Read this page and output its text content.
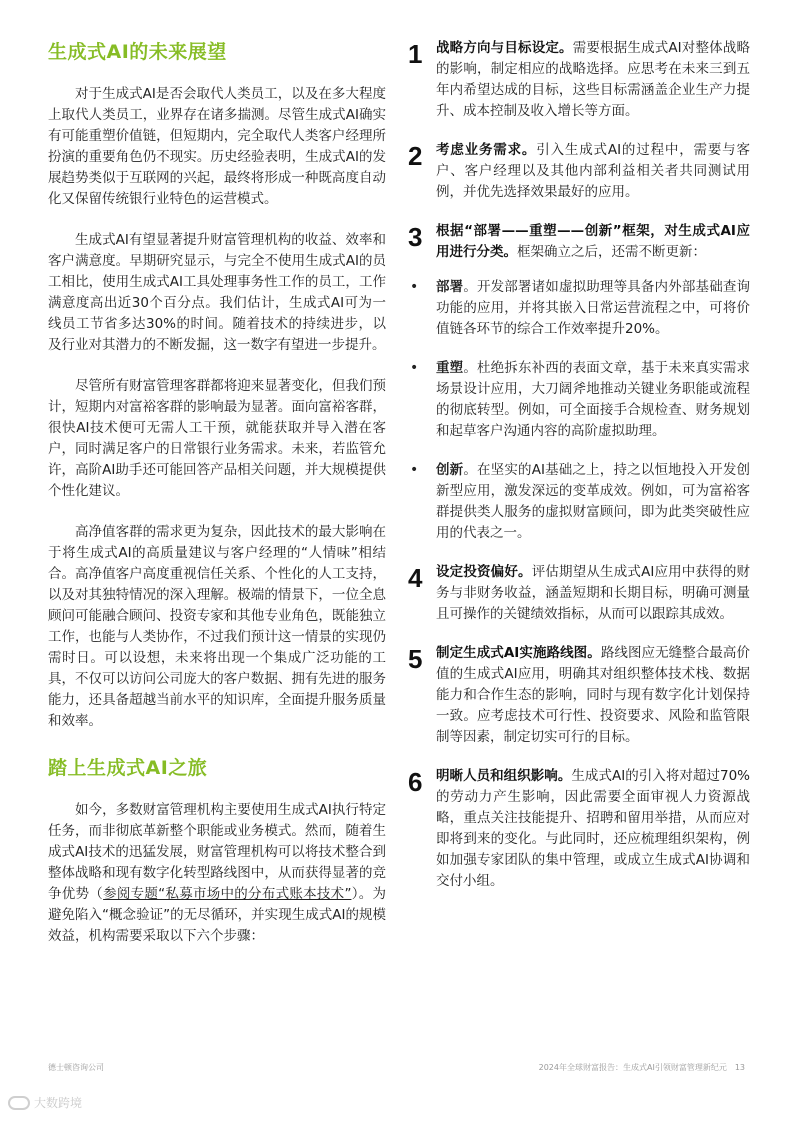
生成式AI的未来展望

对于生成式AI是否会取代人类员工，以及在多大程度上取代人类员工，业界存在诸多揣测。尽管生成式AI确实有可能重塑价值链，但短期内，完全取代人类客户经理所扮演的重要角色仍不现实。历史经验表明，生成式AI的发展趋势类似于互联网的兴起，最终将形成一种既高度自动化又保留传统银行业特色的运营模式。

生成式AI有望显著提升财富管理机构的收益、效率和客户满意度。早期研究显示，与完全不使用生成式AI的员工相比，使用生成式AI工具处理事务性工作的员工，工作满意度高出近30个百分点。我们估计，生成式AI可为一线员工节省多达30%的时间。随着技术的持续进步，以及行业对其潜力的不断发掘，这一数字有望进一步提升。

尽管所有财富管理客群都将迎来显著变化，但我们预计，短期内对富裕客群的影响最为显著。面向富裕客群，很快AI技术便可无需人工干预，就能获取并导入潜在客户，同时满足客户的日常银行业务需求。未来，若监管允许，高阶AI助手还可能回答产品相关问题，并大规模提供个性化建议。

高净值客群的需求更为复杂，因此技术的最大影响在于将生成式AI的高质量建议与客户经理的“人情味”相结合。高净值客户高度重视信任关系、个性化的人工支持，以及对其独特情况的深入理解。极端的情景下，一位全息顾问可能融合顾问、投资专家和其他专业角色，既能独立工作，也能与人类协作，不过我们预计这一情景的实现仍需时日。可以设想，未来将出现一个集成广泛功能的工具，不仅可以访问公司庞大的客户数据、拥有先进的服务能力，还具备超越当前水平的知识库，全面提升服务质量和效率。

踏上生成式AI之旅

如今，多数财富管理机构主要使用生成式AI执行特定任务，而非彻底革新整个职能或业务模式。然而，随着生成式AI技术的迅猛发展，财富管理机构可以将技术整合到整体战略和现有数字化转型路线图中，从而获得显著的竞争优势（参阅专题“私募市场中的分布式账本技术”）。为避免陷入“概念验证”的无尽循环，并实现生成式AI的规模效益，机构需要采取以下六个步骤：

1 战略方向与目标设定。需要根据生成式AI对整体战略的影响，制定相应的战略选择。应思考在未来三到五年内希望达成的目标，这些目标需涵盖企业生产力提升、成本控制及收入增长等方面。

2 考虑业务需求。引入生成式AI的过程中，需要与客户、客户经理以及其他内部利益相关者共同测试用例，并优先选择效果最好的应用。

3 根据“部署——重塑——创新”框架，对生成式AI应用进行分类。框架确立之后，还需不断更新：

• 部署。开发部署诸如虚拟助理等具备内外部基础查询功能的应用，并将其嵌入日常运营流程之中，可将价值链各环节的综合工作效率提升20%。

• 重塑。杜绝拆东补西的表面文章，基于未来真实需求场景设计应用，大刀阔斧地推动关键业务职能或流程的彻底转型。例如，可全面接手合规检查、财务规划和起草客户沟通内容的高阶虚拟助理。

• 创新。在坚实的AI基础之上，持之以恒地投入开发创新型应用，激发深远的变革成效。例如，可为富裕客群提供类人服务的虚拟财富顾问，即为此类突破性应用的代表之一。

4 设定投资偏好。评估期望从生成式AI应用中获得的财务与非财务收益，涵盖短期和长期目标，明确可测量且可操作的关键绩效指标，从而可以跟踪其成效。

5 制定生成式AI实施路线图。路线图应无缝整合最高价值的生成式AI应用，明确其对组织整体技术栈、数据能力和合作生态的影响，同时与现有数字化计划保持一致。应考虑技术可行性、投资要求、风险和监管限制等因素，制定切实可行的目标。

6 明晰人员和组织影响。生成式AI的引入将对超过70%的劳动力产生影响，因此需要全面审视人力资源战略，重点关注技能提升、招聘和留用举措，从而应对即将到来的变化。与此同时，还应梳理组织架构，例如加强专家团队的集中管理，或成立生成式AI协调和交付小组。

德士顿咨询公司	2024年全球财富报告：生成式AI引领财富管理新纪元　13
大数跨境
